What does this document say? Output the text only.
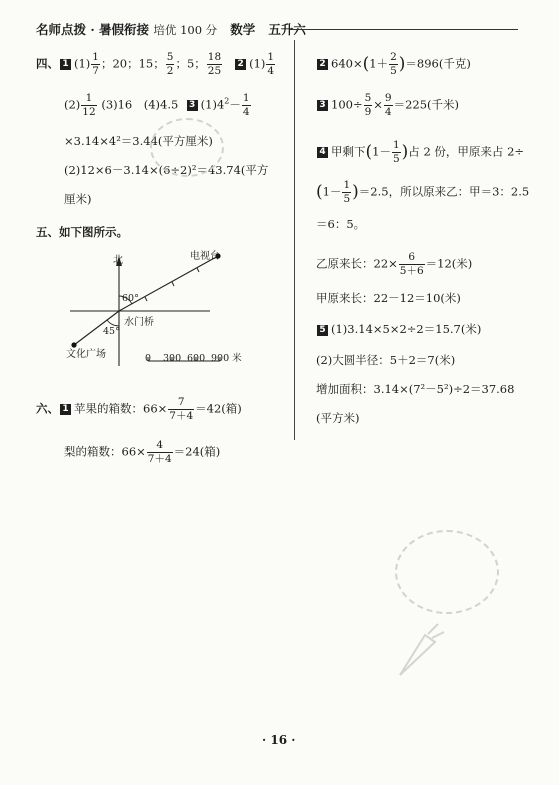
名师点拨 · 暑假衔接 培优 100 分 数学 五升六
四、 1 $(1) \frac{1}{7}$ ；20；15； $\frac{5}{2}$ ；5； $\frac{18}{25} 2$ $(1) \frac{1}{4}$
$(2) \frac{1}{12} (3)16$　(4)4.5 3 $(1)4^2- \frac{1}{4}$
×3.14×4²＝3.44(平方厘米)
(2)12×6－3.14×(6÷2)²＝43.74(平方
厘米)
五、如下图所示。
北	电视台
60°
45°
水门桥
文化广场	0 300 600 900 米
六、 1 苹果的箱数：$66\times \frac{7}{7+4} =42$(箱)
梨的箱数：$66\times \frac{4}{7+4} =24$(箱)
2 $640\times(1+ \frac{2}{5} )=896$(千克)
3 $100\div \frac{5}{9} \times \frac{9}{4} =225$(千米)
4 甲剩下($1- \frac{1}{5}$ )占 2 份，甲原来占 2÷
$(1- \frac{1}{5} )=2.5$，所以原来乙：甲＝3：2.5
＝6：5。
乙原来长：$22\times \frac{6}{5+6} =12$(米)
甲原来长：22－12＝10(米)
5 (1)3.14×5×2÷2＝15.7(米)
(2)大圆半径：5＋2＝7(米)
增加面积：3.14×(7²－5²)÷2＝37.68
(平方米)
· 16 ·
